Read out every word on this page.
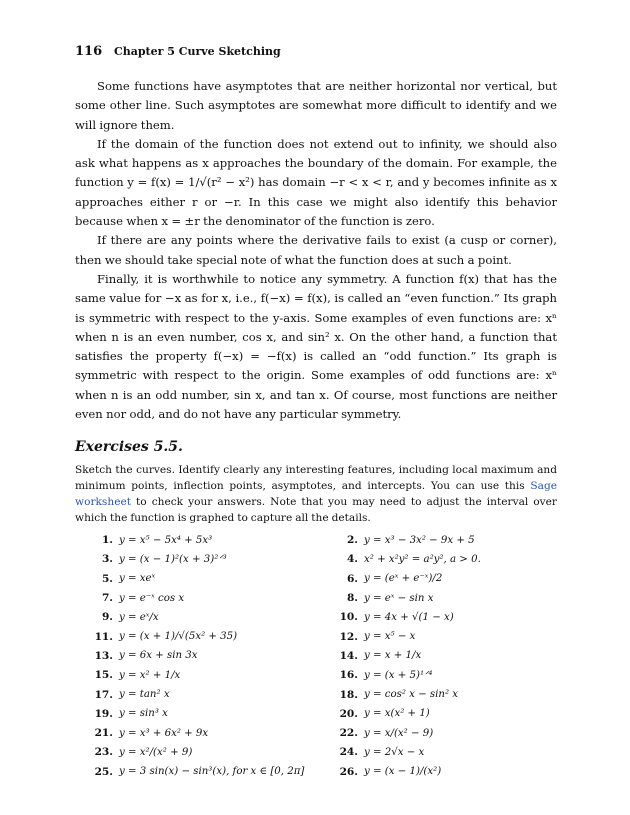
116 Chapter 5 Curve Sketching

Some functions have asymptotes that are neither horizontal nor vertical, but some other line. Such asymptotes are somewhat more difficult to identify and we will ignore them.

If the domain of the function does not extend out to infinity, we should also ask what happens as x approaches the boundary of the domain. For example, the function y = f(x) = 1/√(r² − x²) has domain −r < x < r, and y becomes infinite as x approaches either r or −r. In this case we might also identify this behavior because when x = ±r the denominator of the function is zero.

If there are any points where the derivative fails to exist (a cusp or corner), then we should take special note of what the function does at such a point.

Finally, it is worthwhile to notice any symmetry. A function f(x) that has the same value for −x as for x, i.e., f(−x) = f(x), is called an “even function.” Its graph is symmetric with respect to the y-axis. Some examples of even functions are: xⁿ when n is an even number, cos x, and sin² x. On the other hand, a function that satisfies the property f(−x) = −f(x) is called an “odd function.” Its graph is symmetric with respect to the origin. Some examples of odd functions are: xⁿ when n is an odd number, sin x, and tan x. Of course, most functions are neither even nor odd, and do not have any particular symmetry.

Exercises 5.5.

Sketch the curves. Identify clearly any interesting features, including local maximum and minimum points, inflection points, asymptotes, and intercepts. You can use this Sage worksheet to check your answers. Note that you may need to adjust the interval over which the function is graphed to capture all the details.

1. y = x⁵ − 5x⁴ + 5x³	2. y = x³ − 3x² − 9x + 5
3. y = (x − 1)²(x + 3)²ᐟ³	4. x² + x²y² = a²y², a > 0.
5. y = xeˣ	6. y = (eˣ + e⁻ˣ)/2
7. y = e⁻ˣ cos x	8. y = eˣ − sin x
9. y = eˣ/x	10. y = 4x + √(1 − x)
11. y = (x + 1)/√(5x² + 35)	12. y = x⁵ − x
13. y = 6x + sin 3x	14. y = x + 1/x
15. y = x² + 1/x	16. y = (x + 5)¹ᐟ⁴
17. y = tan² x	18. y = cos² x − sin² x
19. y = sin³ x	20. y = x(x² + 1)
21. y = x³ + 6x² + 9x	22. y = x/(x² − 9)
23. y = x²/(x² + 9)	24. y = 2√x − x
25. y = 3 sin(x) − sin³(x), for x ∈ [0, 2π]	26. y = (x − 1)/(x²)
